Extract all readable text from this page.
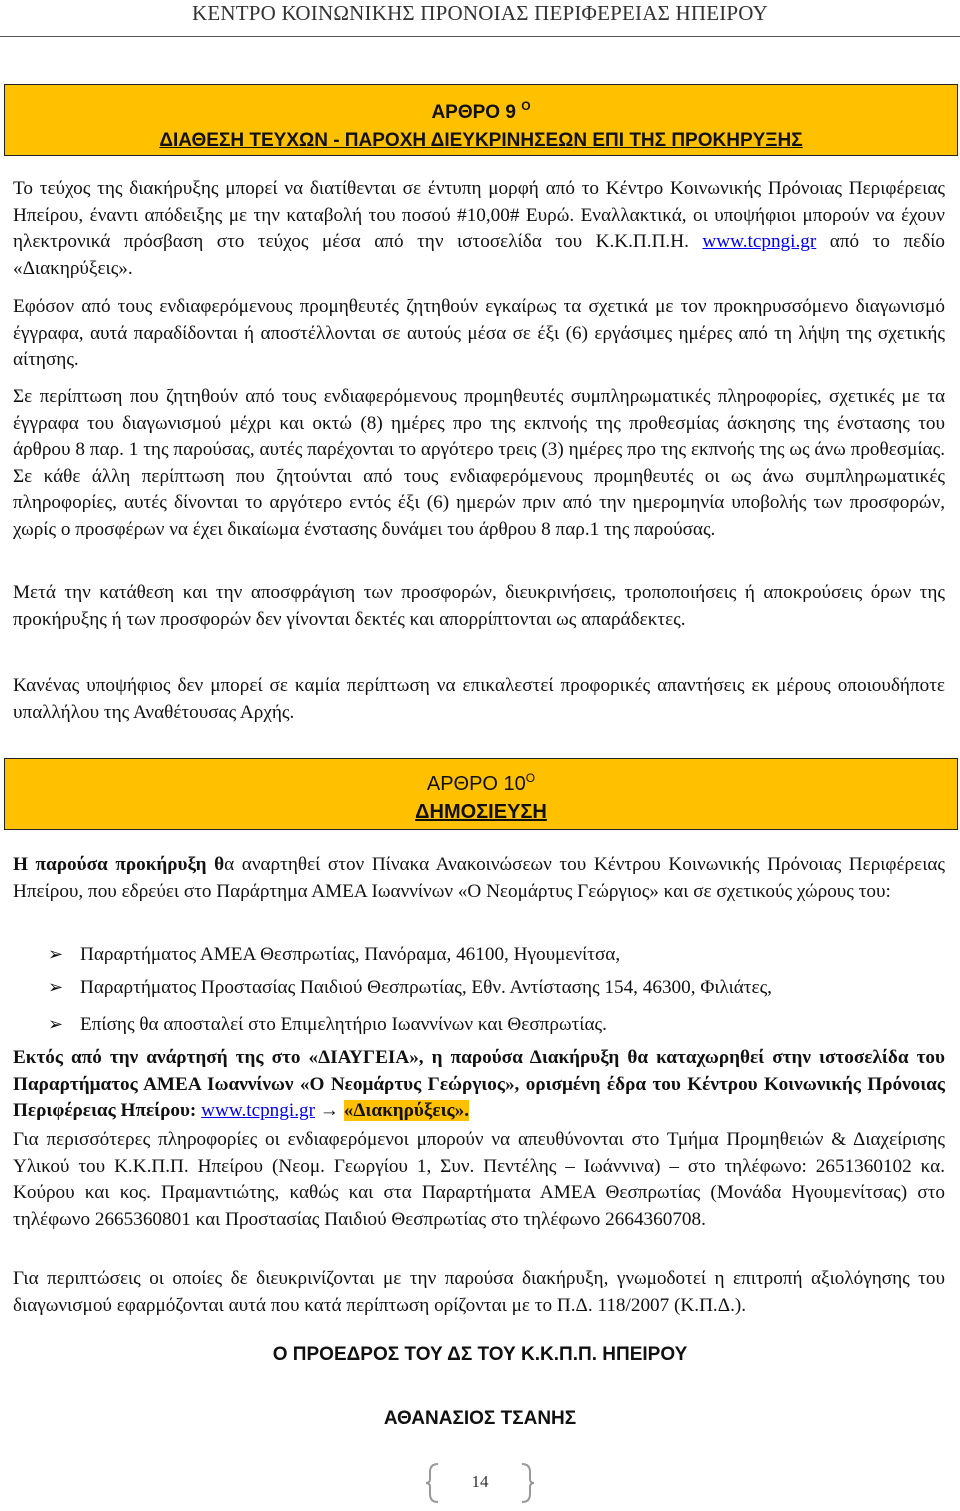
ΚΕΝΤΡΟ ΚΟΙΝΩΝΙΚΗΣ ΠΡΟΝΟΙΑΣ ΠΕΡΙΦΕΡΕΙΑΣ ΗΠΕΙΡΟΥ
ΑΡΘΡΟ 9 $^O$
ΔΙΑΘΕΣΗ ΤΕΥΧΩΝ - ΠΑΡΟΧΗ ΔΙΕΥΚΡΙΝΗΣΕΩΝ ΕΠΙ ΤΗΣ ΠΡΟΚΗΡΥΞΗΣ
Το τεύχος της διακήρυξης μπορεί να διατίθενται σε έντυπη μορφή από το Κέντρο Κοινωνικής Πρόνοιας Περιφέρειας Ηπείρου, έναντι απόδειξης με την καταβολή του ποσού #10,00# Ευρώ. Εναλλακτικά, οι υποψήφιοι μπορούν να έχουν ηλεκτρονικά πρόσβαση στο τεύχος μέσα από την ιστοσελίδα του Κ.Κ.Π.Π.Η. www.tcpngi.gr από το πεδίο «Διακηρύξεις».
Εφόσον από τους ενδιαφερόμενους προμηθευτές ζητηθούν εγκαίρως τα σχετικά με τον προκηρυσσόμενο διαγωνισμό έγγραφα, αυτά παραδίδονται ή αποστέλλονται σε αυτούς μέσα σε έξι (6) εργάσιμες ημέρες από τη λήψη της σχετικής αίτησης.
Σε περίπτωση που ζητηθούν από τους ενδιαφερόμενους προμηθευτές συμπληρωματικές πληροφορίες, σχετικές με τα έγγραφα του διαγωνισμού μέχρι και οκτώ (8) ημέρες προ της εκπνοής της προθεσμίας άσκησης της ένστασης του άρθρου 8 παρ. 1 της παρούσας, αυτές παρέχονται το αργότερο τρεις (3) ημέρες προ της εκπνοής της ως άνω προθεσμίας. Σε κάθε άλλη περίπτωση που ζητούνται από τους ενδιαφερόμενους προμηθευτές οι ως άνω συμπληρωματικές πληροφορίες, αυτές δίνονται το αργότερο εντός έξι (6) ημερών πριν από την ημερομηνία υποβολής των προσφορών, χωρίς ο προσφέρων να έχει δικαίωμα ένστασης δυνάμει του άρθρου 8 παρ.1 της παρούσας.
Μετά την κατάθεση και την αποσφράγιση των προσφορών, διευκρινήσεις, τροποποιήσεις ή αποκρούσεις όρων της προκήρυξης ή των προσφορών δεν γίνονται δεκτές και απορρίπτονται ως απαράδεκτες.
Κανένας υποψήφιος δεν μπορεί σε καμία περίπτωση να επικαλεστεί προφορικές απαντήσεις εκ μέρους οποιουδήποτε υπαλλήλου της Αναθέτουσας Αρχής.
ΑΡΘΡΟ $10^O$
ΔΗΜΟΣΙΕΥΣΗ
Η παρούσα προκήρυξη θα αναρτηθεί στον Πίνακα Ανακοινώσεων του Κέντρου Κοινωνικής Πρόνοιας Περιφέρειας Ηπείρου, που εδρεύει στο Παράρτημα ΑΜΕΑ Ιωαννίνων «Ο Νεομάρτυς Γεώργιος» και σε σχετικούς χώρους του:
➢ Παραρτήματος ΑΜΕΑ Θεσπρωτίας, Πανόραμα, 46100, Ηγουμενίτσα,
➢ Παραρτήματος Προστασίας Παιδιού Θεσπρωτίας, Εθν. Αντίστασης 154, 46300, Φιλιάτες,
➢ Επίσης θα αποσταλεί στο Επιμελητήριο Ιωαννίνων και Θεσπρωτίας.
Εκτός από την ανάρτησή της στο «ΔΙΑΥΓΕΙΑ», η παρούσα Διακήρυξη θα καταχωρηθεί στην ιστοσελίδα του Παραρτήματος ΑΜΕΑ Ιωαννίνων «Ο Νεομάρτυς Γεώργιος», ορισμένη έδρα του Κέντρου Κοινωνικής Πρόνοιας Περιφέρειας Ηπείρου: www.tcpngi.gr → «Διακηρύξεις».
Για περισσότερες πληροφορίες οι ενδιαφερόμενοι μπορούν να απευθύνονται στο Τμήμα Προμηθειών & Διαχείρισης Υλικού του Κ.Κ.Π.Π. Ηπείρου (Νεομ. Γεωργίου 1, Συν. Πεντέλης – Ιωάννινα) – στο τηλέφωνο: 2651360102 κα. Κούρου και κος. Πραμαντιώτης, καθώς και στα Παραρτήματα ΑΜΕΑ Θεσπρωτίας (Μονάδα Ηγουμενίτσας) στο τηλέφωνο 2665360801 και Προστασίας Παιδιού Θεσπρωτίας στο τηλέφωνο 2664360708.
Για περιπτώσεις οι οποίες δε διευκρινίζονται με την παρούσα διακήρυξη, γνωμοδοτεί η επιτροπή αξιολόγησης του διαγωνισμού εφαρμόζονται αυτά που κατά περίπτωση ορίζονται με το Π.Δ. 118/2007 (Κ.Π.Δ.).
Ο ΠΡΟΕΔΡΟΣ ΤΟΥ ΔΣ ΤΟΥ Κ.Κ.Π.Π. ΗΠΕΙΡΟΥ
ΑΘΑΝΑΣΙΟΣ ΤΣΑΝΗΣ
14
